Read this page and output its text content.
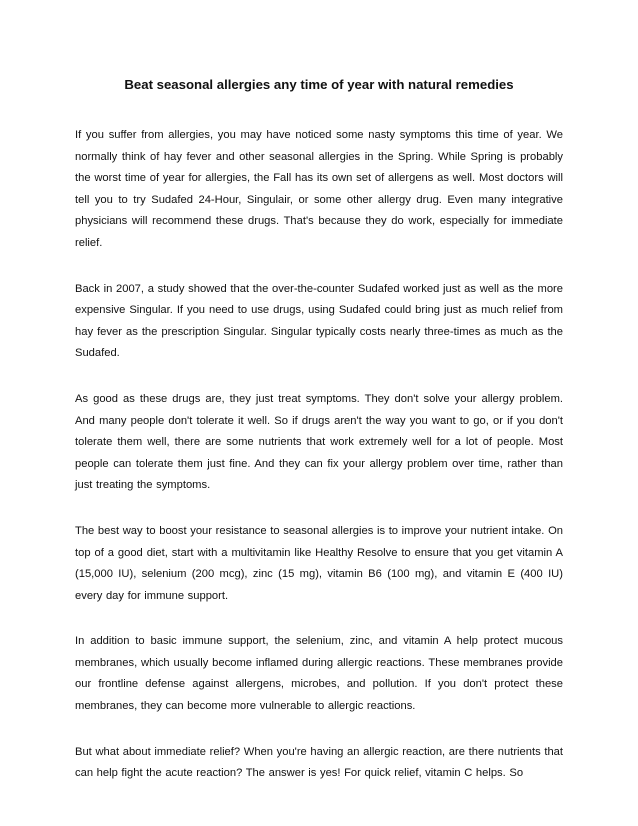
Beat seasonal allergies any time of year with natural remedies

If you suffer from allergies, you may have noticed some nasty symptoms this time of year. We normally think of hay fever and other seasonal allergies in the Spring. While Spring is probably the worst time of year for allergies, the Fall has its own set of allergens as well. Most doctors will tell you to try Sudafed 24-Hour, Singulair, or some other allergy drug. Even many integrative physicians will recommend these drugs. That's because they do work, especially for immediate relief.

Back in 2007, a study showed that the over-the-counter Sudafed worked just as well as the more expensive Singular. If you need to use drugs, using Sudafed could bring just as much relief from hay fever as the prescription Singular. Singular typically costs nearly three-times as much as the Sudafed.

As good as these drugs are, they just treat symptoms. They don't solve your allergy problem. And many people don't tolerate it well. So if drugs aren't the way you want to go, or if you don't tolerate them well, there are some nutrients that work extremely well for a lot of people. Most people can tolerate them just fine. And they can fix your allergy problem over time, rather than just treating the symptoms.

The best way to boost your resistance to seasonal allergies is to improve your nutrient intake. On top of a good diet, start with a multivitamin like Healthy Resolve to ensure that you get vitamin A (15,000 IU), selenium (200 mcg), zinc (15 mg), vitamin B6 (100 mg), and vitamin E (400 IU) every day for immune support.

In addition to basic immune support, the selenium, zinc, and vitamin A help protect mucous membranes, which usually become inflamed during allergic reactions. These membranes provide our frontline defense against allergens, microbes, and pollution. If you don't protect these membranes, they can become more vulnerable to allergic reactions.

But what about immediate relief? When you're having an allergic reaction, are there nutrients that can help fight the acute reaction? The answer is yes! For quick relief, vitamin C helps. So
